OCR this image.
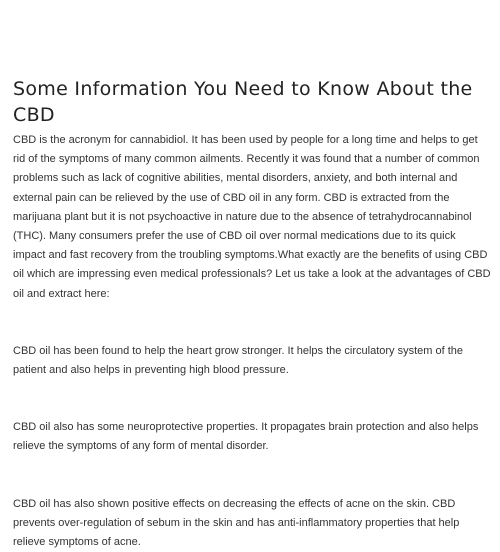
Some Information You Need to Know About the CBD

CBD is the acronym for cannabidiol. It has been used by people for a long time and helps to get rid of the symptoms of many common ailments. Recently it was found that a number of common problems such as lack of cognitive abilities, mental disorders, anxiety, and both internal and external pain can be relieved by the use of CBD oil in any form. CBD is extracted from the marijuana plant but it is not psychoactive in nature due to the absence of tetrahydrocannabinol (THC). Many consumers prefer the use of CBD oil over normal medications due to its quick impact and fast recovery from the troubling symptoms.What exactly are the benefits of using CBD oil which are impressing even medical professionals? Let us take a look at the advantages of CBD oil and extract here:

CBD oil has been found to help the heart grow stronger. It helps the circulatory system of the patient and also helps in preventing high blood pressure.

CBD oil also has some neuroprotective properties. It propagates brain protection and also helps relieve the symptoms of any form of mental disorder.

CBD oil has also shown positive effects on decreasing the effects of acne on the skin. CBD prevents over-regulation of sebum in the skin and has anti-inflammatory properties that help relieve symptoms of acne.
